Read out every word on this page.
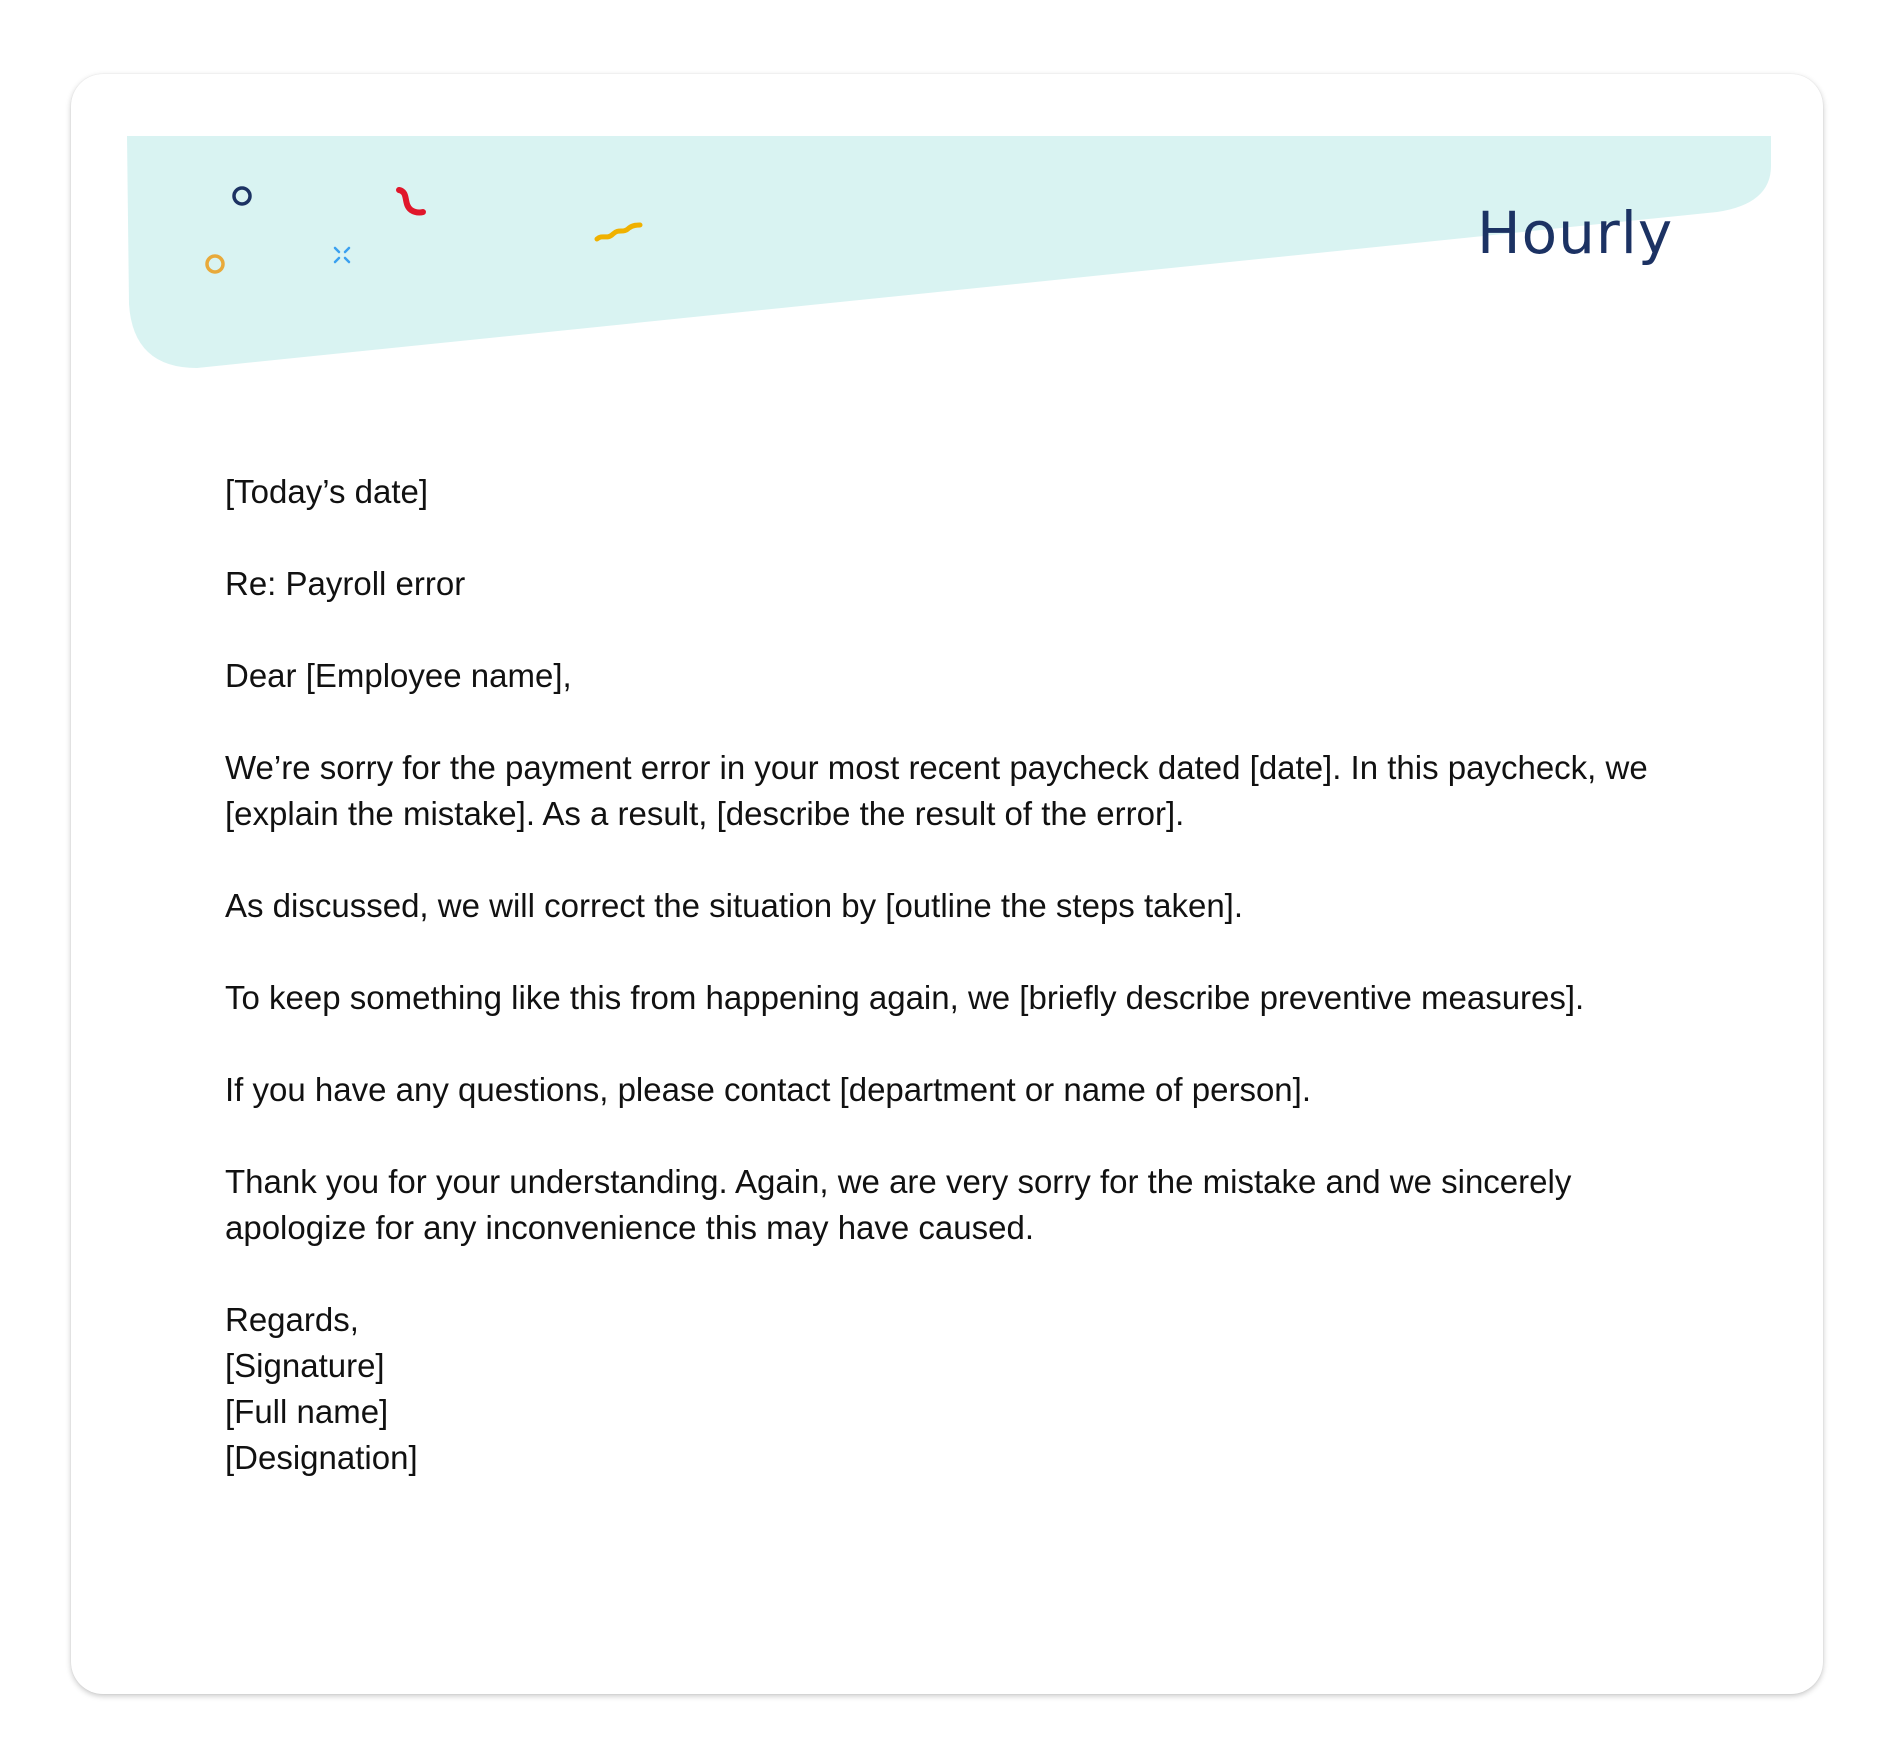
Hourly

[Today’s date]

Re: Payroll error

Dear [Employee name],

We’re sorry for the payment error in your most recent paycheck dated [date]. In this paycheck, we [explain the mistake]. As a result, [describe the result of the error].

As discussed, we will correct the situation by [outline the steps taken].

To keep something like this from happening again, we [briefly describe preventive measures].

If you have any questions, please contact [department or name of person].

Thank you for your understanding. Again, we are very sorry for the mistake and we sincerely apologize for any inconvenience this may have caused.

Regards,

[Signature]

[Full name]

[Designation]
